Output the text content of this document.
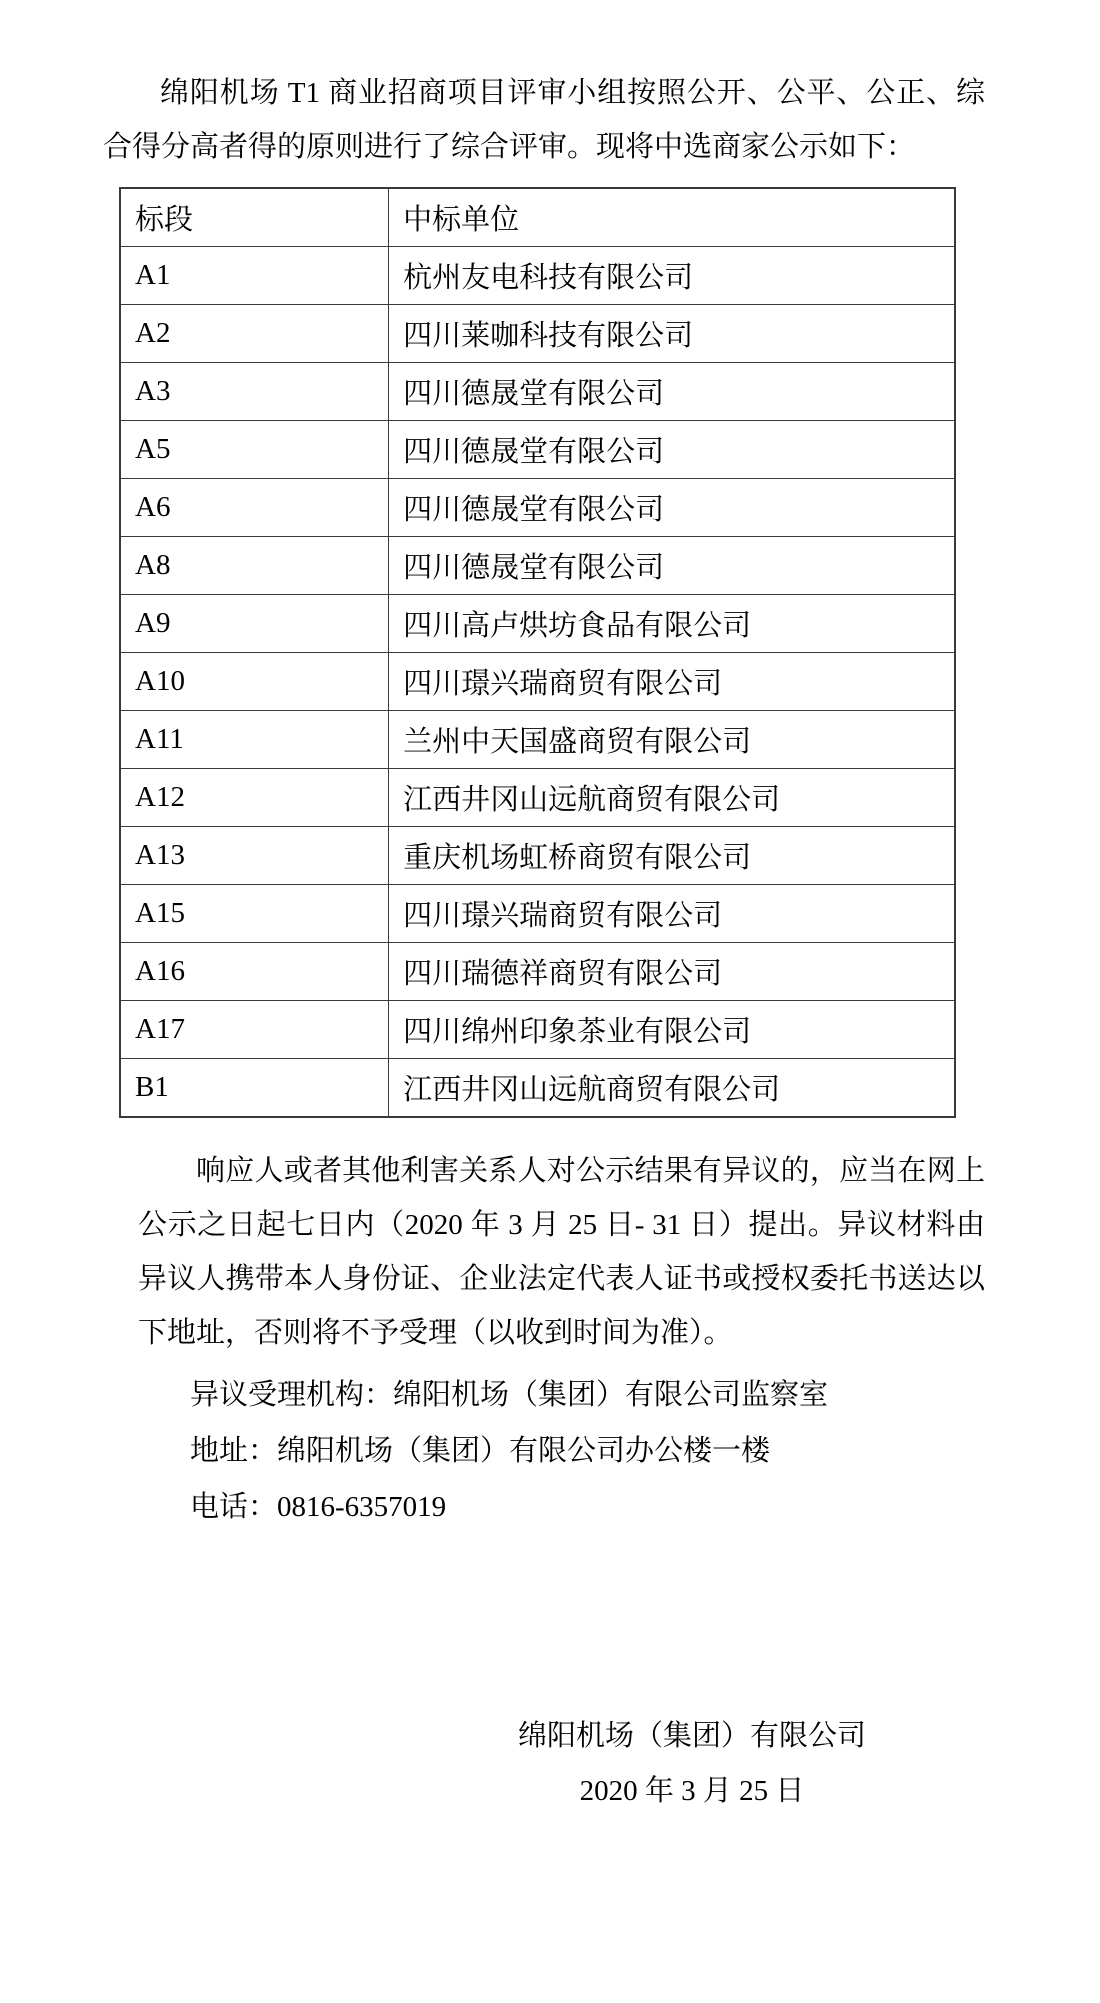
绵阳机场 T1 商业招商项目评审小组按照公开、公平、公正、综合得分高者得的原则进行了综合评审。现将中选商家公示如下：

标段	中标单位
A1	杭州友电科技有限公司
A2	四川莱咖科技有限公司
A3	四川德晟堂有限公司
A5	四川德晟堂有限公司
A6	四川德晟堂有限公司
A8	四川德晟堂有限公司
A9	四川高卢烘坊食品有限公司
A10	四川璟兴瑞商贸有限公司
A11	兰州中天国盛商贸有限公司
A12	江西井冈山远航商贸有限公司
A13	重庆机场虹桥商贸有限公司
A15	四川璟兴瑞商贸有限公司
A16	四川瑞德祥商贸有限公司
A17	四川绵州印象茶业有限公司
B1	江西井冈山远航商贸有限公司

响应人或者其他利害关系人对公示结果有异议的，应当在网上公示之日起七日内（2020 年 3 月 25 日- 31 日）提出。异议材料由异议人携带本人身份证、企业法定代表人证书或授权委托书送达以下地址，否则将不予受理（以收到时间为准）。

异议受理机构：绵阳机场（集团）有限公司监察室

地址：绵阳机场（集团）有限公司办公楼一楼

电话：0816-6357019

绵阳机场（集团）有限公司

2020 年 3 月 25 日
